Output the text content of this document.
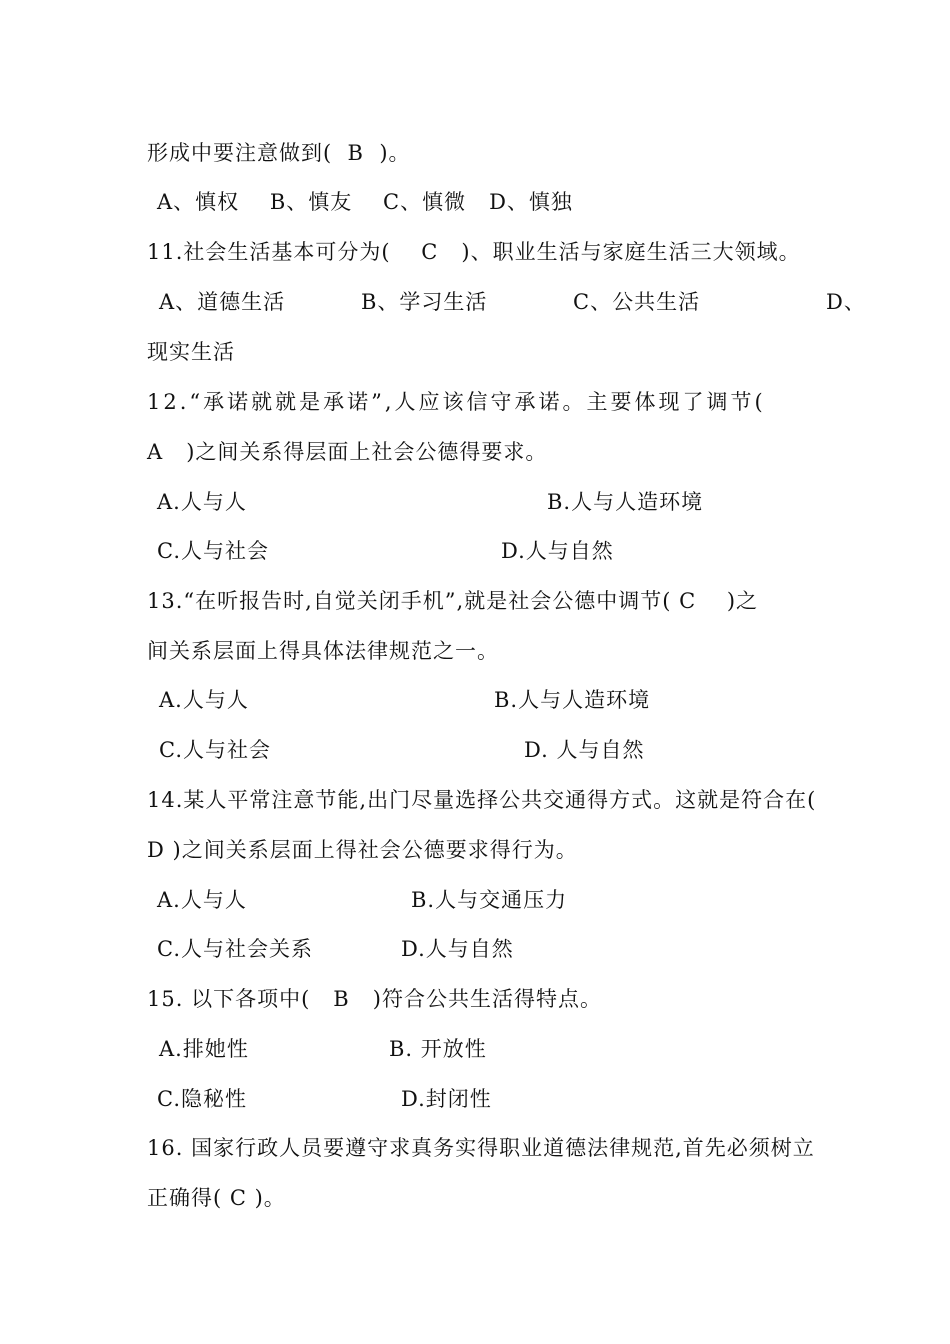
形成中要注意做到(  B  )。
A、慎权    B、慎友    C、慎微   D、慎独
11.社会生活基本可分为(    C   )、职业生活与家庭生活三大领域。
A、道德生活	B、学习生活	C、公共生活	D、
现实生活
12.“承诺就就是承诺”,人应该信守承诺。主要体现了调节(
A   )之间关系得层面上社会公德得要求。
A.人与人	B.人与人造环境
C.人与社会	D.人与自然
13.“在听报告时,自觉关闭手机”,就是社会公德中调节( C    )之
间关系层面上得具体法律规范之一。
A.人与人	B.人与人造环境
C.人与社会	D. 人与自然
14.某人平常注意节能,出门尽量选择公共交通得方式。这就是符合在(
D )之间关系层面上得社会公德要求得行为。
A.人与人	B.人与交通压力
C.人与社会关系	D.人与自然
15. 以下各项中(   B   )符合公共生活得特点。
A.排她性	B. 开放性
C.隐秘性	D.封闭性
16. 国家行政人员要遵守求真务实得职业道德法律规范,首先必须树立
正确得( C )。
